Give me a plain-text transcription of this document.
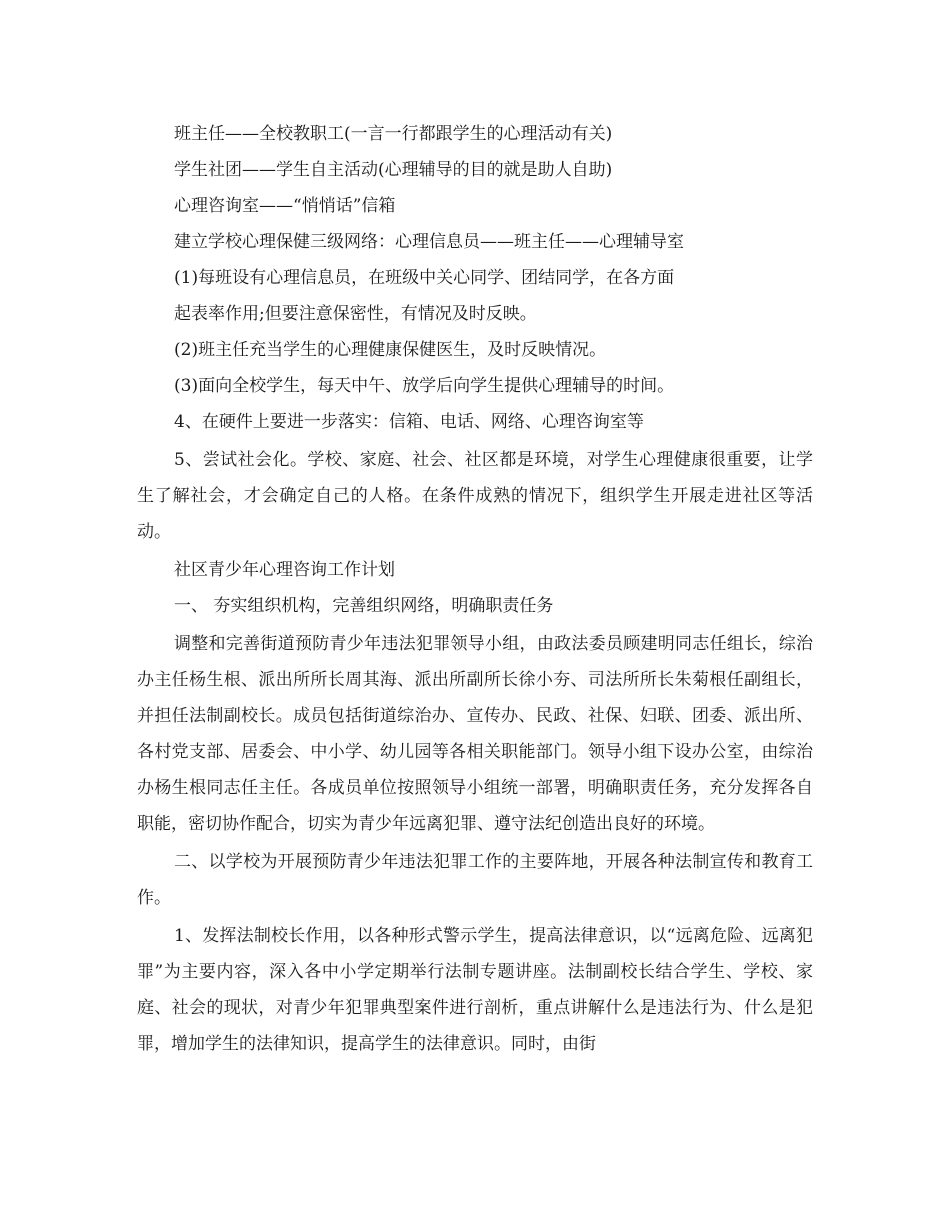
班主任——全校教职工(一言一行都跟学生的心理活动有关)

学生社团——学生自主活动(心理辅导的目的就是助人自助)

心理咨询室——“悄悄话”信箱

建立学校心理保健三级网络：心理信息员——班主任——心理辅导室

(1)每班设有心理信息员，在班级中关心同学、团结同学，在各方面

起表率作用;但要注意保密性，有情况及时反映。

(2)班主任充当学生的心理健康保健医生，及时反映情况。

(3)面向全校学生，每天中午、放学后向学生提供心理辅导的时间。

4、在硬件上要进一步落实：信箱、电话、网络、心理咨询室等

5、尝试社会化。学校、家庭、社会、社区都是环境，对学生心理健康很重要，让学生了解社会，才会确定自己的人格。在条件成熟的情况下，组织学生开展走进社区等活动。

社区青少年心理咨询工作计划

一、 夯实组织机构，完善组织网络，明确职责任务

调整和完善街道预防青少年违法犯罪领导小组，由政法委员顾建明同志任组长，综治办主任杨生根、派出所所长周其海、派出所副所长徐小夯、司法所所长朱菊根任副组长，并担任法制副校长。成员包括街道综治办、宣传办、民政、社保、妇联、团委、派出所、各村党支部、居委会、中小学、幼儿园等各相关职能部门。领导小组下设办公室，由综治办杨生根同志任主任。各成员单位按照领导小组统一部署，明确职责任务，充分发挥各自职能，密切协作配合，切实为青少年远离犯罪、遵守法纪创造出良好的环境。

二、以学校为开展预防青少年违法犯罪工作的主要阵地，开展各种法制宣传和教育工作。

1、发挥法制校长作用，以各种形式警示学生，提高法律意识，以“远离危险、远离犯罪”为主要内容，深入各中小学定期举行法制专题讲座。法制副校长结合学生、学校、家庭、社会的现状，对青少年犯罪典型案件进行剖析，重点讲解什么是违法行为、什么是犯罪，增加学生的法律知识，提高学生的法律意识。同时，由街
